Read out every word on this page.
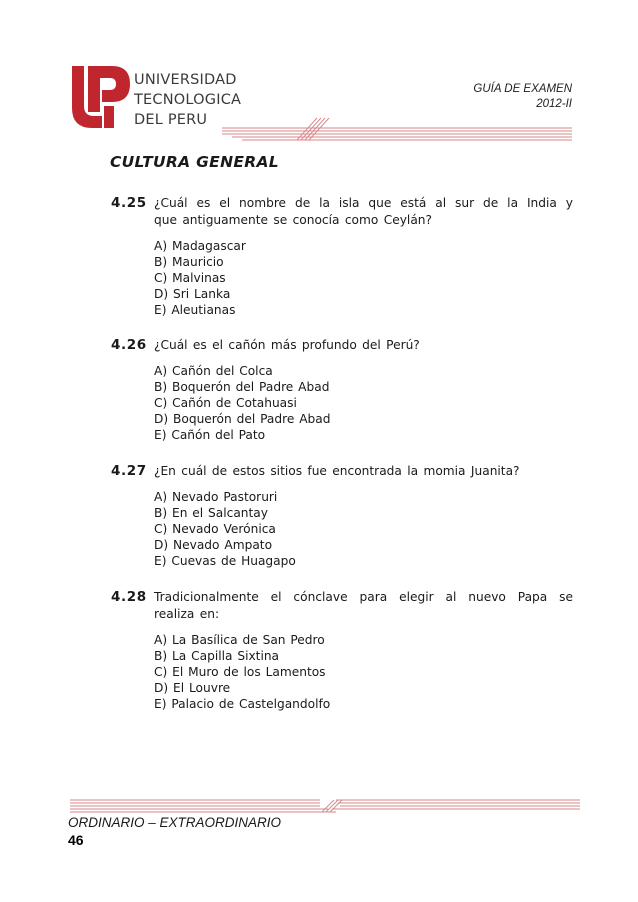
UNIVERSIDAD
TECNOLOGICA
DEL PERU
GUÍA DE EXAMEN
2012-II
CULTURA GENERAL
4.25 ¿Cuál es el nombre de la isla que está al sur de la India y
que antiguamente se conocía como Ceylán?
A) Madagascar
B) Mauricio
C) Malvinas
D) Sri Lanka
E) Aleutianas
4.26 ¿Cuál es el cañón más profundo del Perú?
A) Cañón del Colca
B) Boquerón del Padre Abad
C) Cañón de Cotahuasi
D) Boquerón del Padre Abad
E) Cañón del Pato
4.27 ¿En cuál de estos sitios fue encontrada la momia Juanita?
A) Nevado Pastoruri
B) En el Salcantay
C) Nevado Verónica
D) Nevado Ampato
E) Cuevas de Huagapo
4.28 Tradicionalmente el cónclave para elegir al nuevo Papa se
realiza en:
A) La Basílica de San Pedro
B) La Capilla Sixtina
C) El Muro de los Lamentos
D) El Louvre
E) Palacio de Castelgandolfo
ORDINARIO – EXTRAORDINARIO
46
